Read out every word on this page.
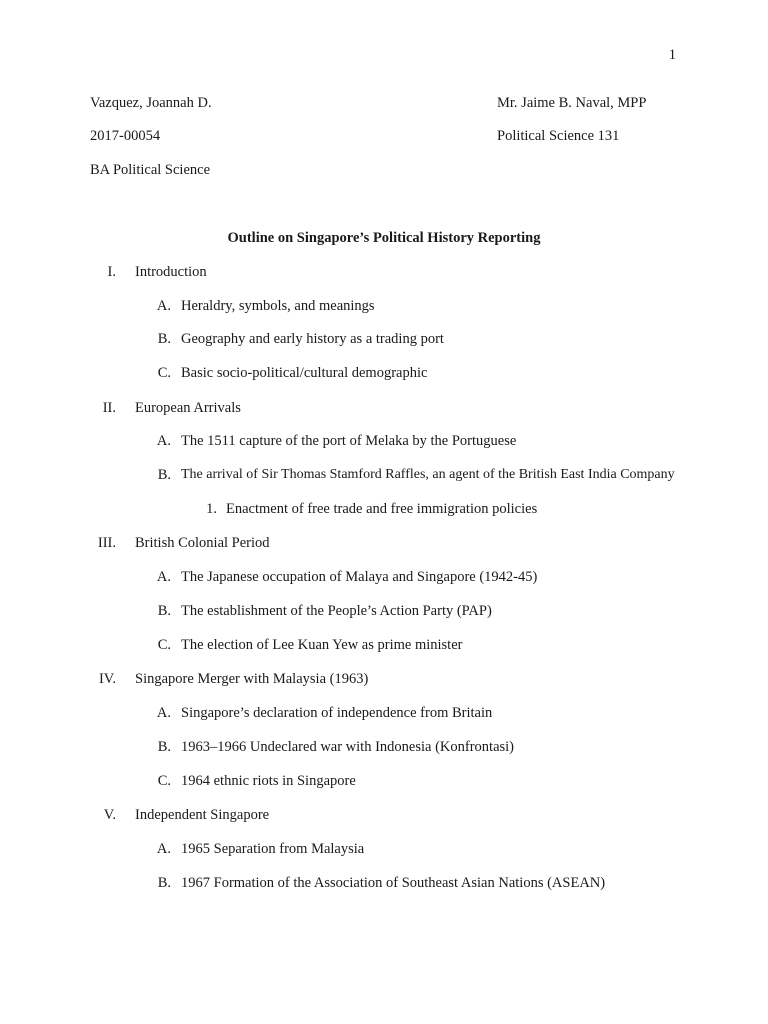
1
Vazquez, Joannah D.	Mr. Jaime B. Naval, MPP
2017-00054	Political Science 131
BA Political Science
Outline on Singapore’s Political History Reporting
I. Introduction
A. Heraldry, symbols, and meanings
B. Geography and early history as a trading port
C. Basic socio-political/cultural demographic
II. European Arrivals
A. The 1511 capture of the port of Melaka by the Portuguese
B. The arrival of Sir Thomas Stamford Raffles, an agent of the British East India Company
1. Enactment of free trade and free immigration policies
III. British Colonial Period
A. The Japanese occupation of Malaya and Singapore (1942-45)
B. The establishment of the People’s Action Party (PAP)
C. The election of Lee Kuan Yew as prime minister
IV. Singapore Merger with Malaysia (1963)
A. Singapore’s declaration of independence from Britain
B. 1963–1966 Undeclared war with Indonesia (Konfrontasi)
C. 1964 ethnic riots in Singapore
V. Independent Singapore
A. 1965 Separation from Malaysia
B. 1967 Formation of the Association of Southeast Asian Nations (ASEAN)
